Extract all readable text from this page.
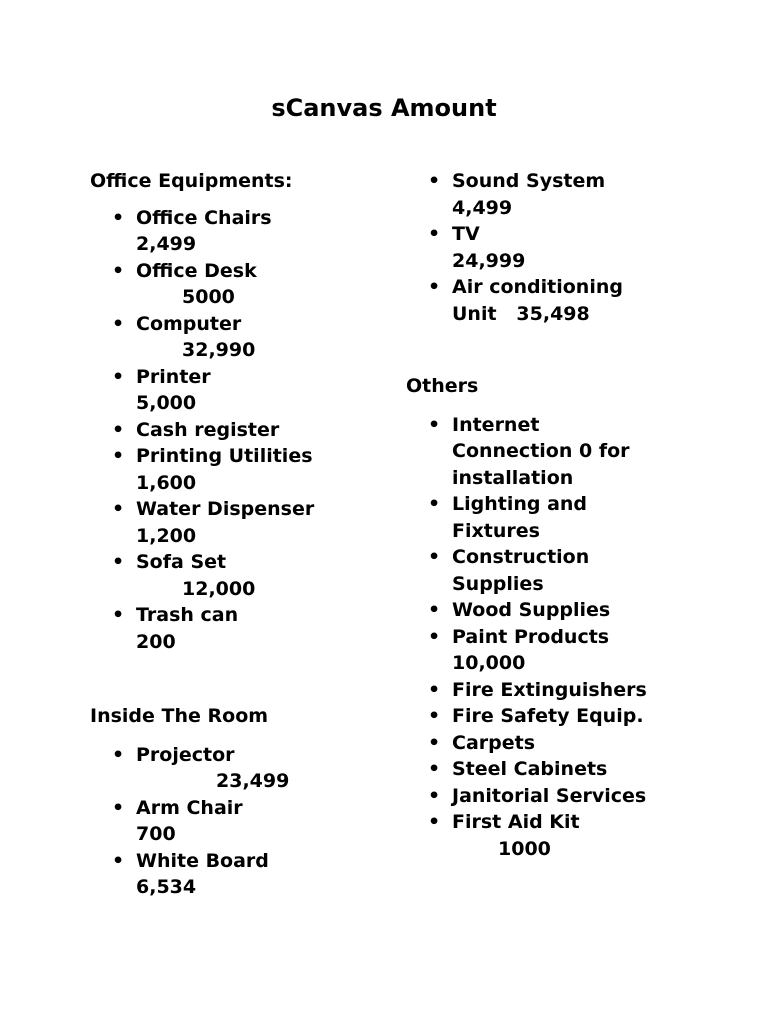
sCanvas Amount

Office Equipments:

• Office Chairs
2,499
• Office Desk
5000
• Computer
32,990
• Printer
5,000
• Cash register
• Printing Utilities
1,600
• Water Dispenser
1,200
• Sofa Set
12,000
• Trash can
200

Inside The Room

• Projector
23,499
• Arm Chair
700
• White Board
6,534
• Sound System
4,499
• TV
24,999
• Air conditioning
Unit 35,498

Others

• Internet Connection 0 for installation
• Lighting and Fixtures
• Construction Supplies
• Wood Supplies
• Paint Products
10,000
• Fire Extinguishers
• Fire Safety Equip.
• Carpets
• Steel Cabinets
• Janitorial Services
• First Aid Kit
1000
